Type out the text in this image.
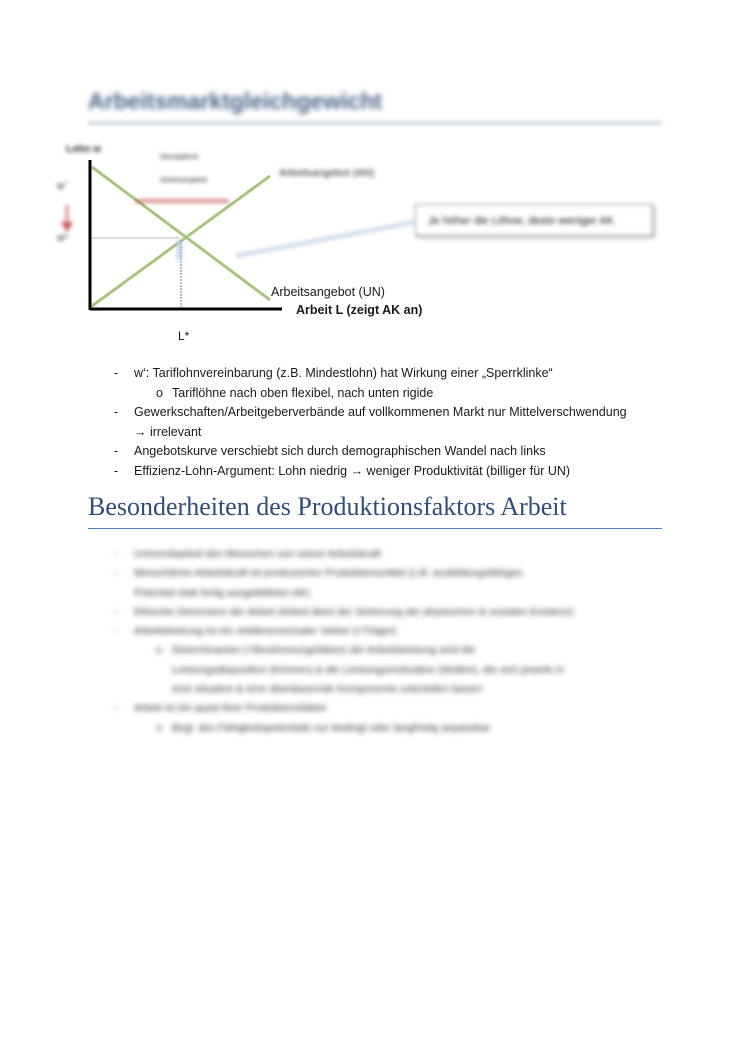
Arbeitsmarktgleichgewicht
Lohn w
w'
w*
Dienstpflicht
Arbeitsangebot
Arbeitsangebot (AN)
Je höher die Löhne, desto weniger AK
Arbeitsangebot (UN)
Arbeit L (zeigt AK an)
L*
- w‘: Tariflohnvereinbarung (z.B. Mindestlohn) hat Wirkung einer „Sperrklinke“
o Tariflöhne nach oben flexibel, nach unten rigide
- Gewerkschaften/Arbeitgeberverbände auf vollkommenen Markt nur Mittelverschwendung
→ irrelevant
- Angebotskurve verschiebt sich durch demographischen Wandel nach links
- Effizienz-Lohn-Argument: Lohn niedrig → weniger Produktivität (billiger für UN)
Besonderheiten des Produktionsfaktors Arbeit
- Untrennbarkeit des Menschen von seiner Arbeitskraft
- Menschliche Arbeitskraft ist produziertes Produktionsmittel (z.B. ausbildungsfähiges
Potential statt fertig ausgebildeter AK)
- Ethische Dimension der Arbeit (Arbeit dient der Sicherung der physischen & sozialen Existenz)
- Arbeitsleistung ist ein vieldimensionaler Vektor (=Träger)
o Determinanten (=Bestimmungsfaktor) der Arbeitsleistung sind die
Leistungsdisposition (Können) & die Leistungsmotivation (Wollen), die sich jeweils in
eine situative & eine überdauernde Komponente unterteilen lassen
- Arbeit ist ein quasi fixer Produktionsfaktor
o Bzgl. des Fähigkeitspotentials nur bedingt oder langfristig anpassbar
